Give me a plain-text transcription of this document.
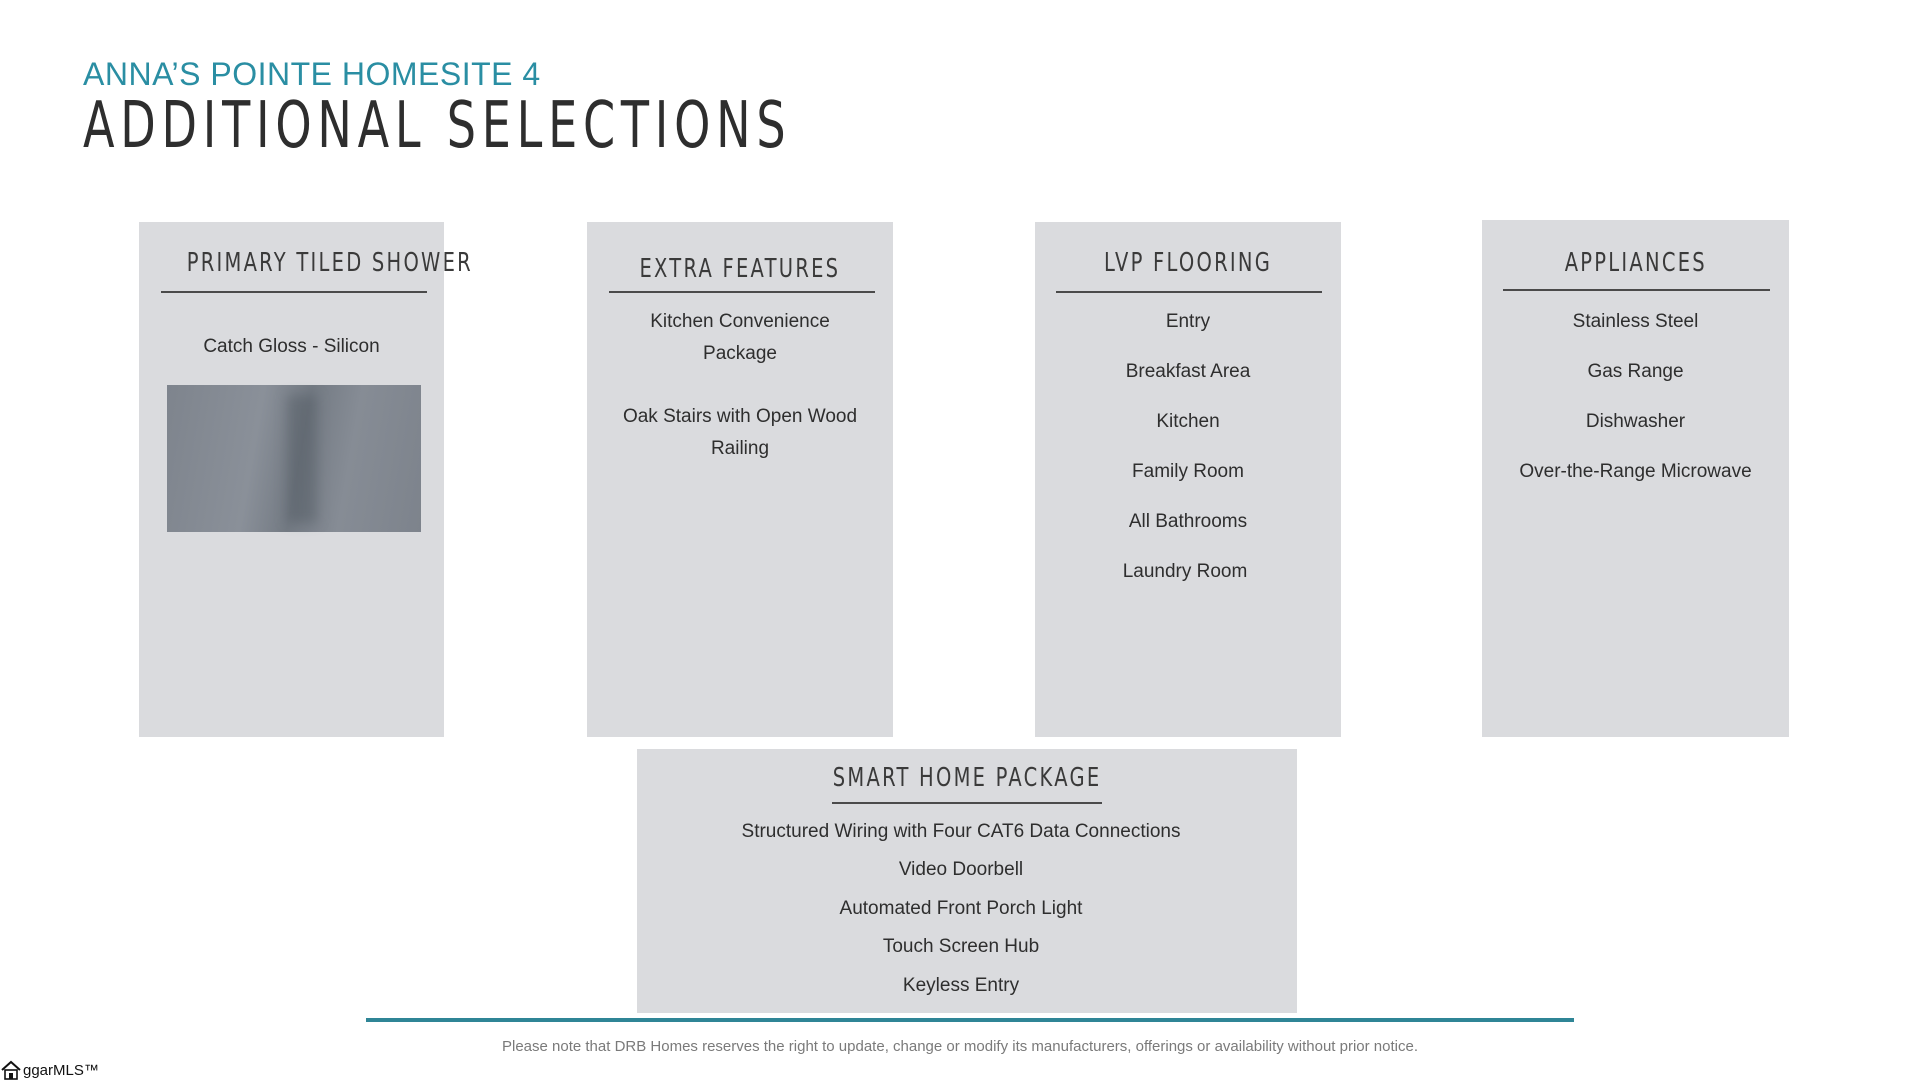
ANNA’S POINTE HOMESITE 4
ADDITIONAL SELECTIONS
PRIMARY TILED SHOWER
Catch Gloss - Silicon
EXTRA FEATURES
Kitchen Convenience
Package
Oak Stairs with Open Wood
Railing
LVP FLOORING
Entry
Breakfast Area
Kitchen
Family Room
All Bathrooms
Laundry Room
APPLIANCES
Stainless Steel
Gas Range
Dishwasher
Over-the-Range Microwave
SMART HOME PACKAGE
Structured Wiring with Four CAT6 Data Connections
Video Doorbell
Automated Front Porch Light
Touch Screen Hub
Keyless Entry
Please note that DRB Homes reserves the right to update, change or modify its manufacturers, offerings or availability without prior notice.
ggarMLS™
